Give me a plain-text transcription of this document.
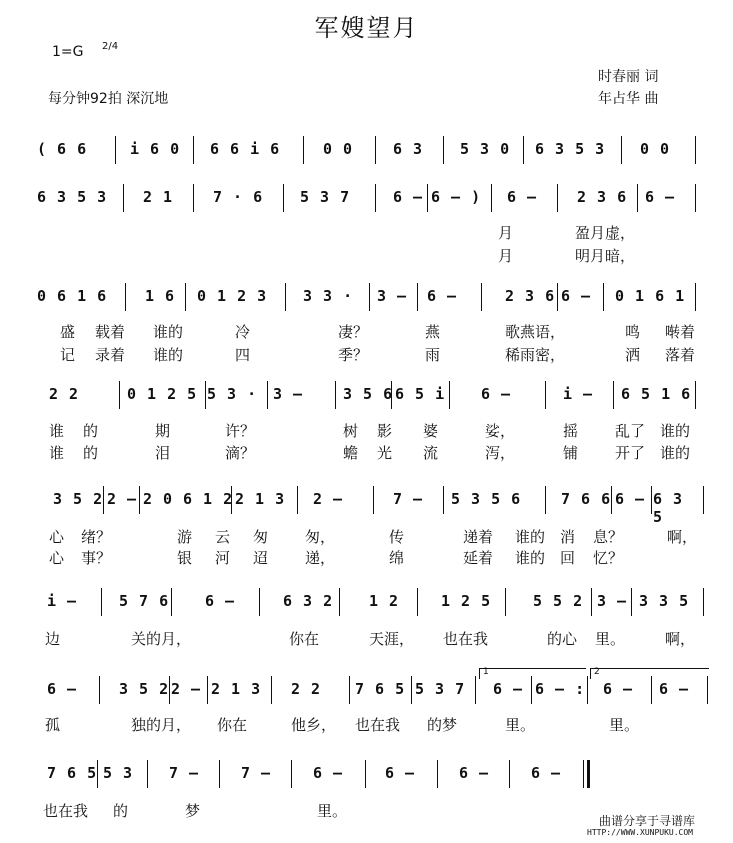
军嫂望月
1=G 2/4
每分钟92拍 深沉地
时春丽 词
年占华 曲
( 6 6	i 6 0 6 6 i 6	0 0	6 3 5 3 0 6 3 5 3 0 0
6 3 5 3 2 1	7 · 6 5 3 7	6 — 6 — ) 6 —	2 3 6 6 —
月	盈月虚，
月	明月暗，
0 6 1 6	1 6 0 1 2 3 3 3 · 3 — 6 —	2 3 6 6 — 0 1 6 1
盛 载着 谁的	冷	凄？	燕	歌燕语，	鸣 啭着
记 录着 谁的	四	季？	雨	稀雨密，	洒 落着
2 2	0 1 2 5 5 3 · 3 —	3 5 6 6 5 i 6 —	i — 6 5 1 6
谁 的	期	许？	树 影 婆	娑，	摇 乱了 谁的
谁 的	泪	滴？	蟾 光 流	泻，	铺 开了 谁的
3 5 2 2 — 2 0 6 1 2 2 1 3 2 —	7 — 5 3 5 6	7 6 6 6 — 6 3 5
心 绪？	游 云 匆 匆，	传	递着 谁的 消 息？	啊，
心 事？	银 河 迢 递，	绵	延着 谁的 回 忆？
i —	5 7 6 6 —	6 3 2 1 2	1 2 5	5 5 2 3 — 3 3 5
边	关的月，	你在	天涯， 也在我	的心 里。	啊，
1	2
6 —	3 5 2 2 — 2 1 3 2 2 7 6 5 5 3 7 6 — 6 — : 6 — 6 —
孤	独的月， 你在	他乡， 也在我 的梦	里。	里。
7 6 5 5 3 7 —	7 —	6 —	6 —	6 —	6 —
也在我 的	梦	里。
曲谱分享于寻谱库
HTTP://WWW.XUNPUKU.COM
